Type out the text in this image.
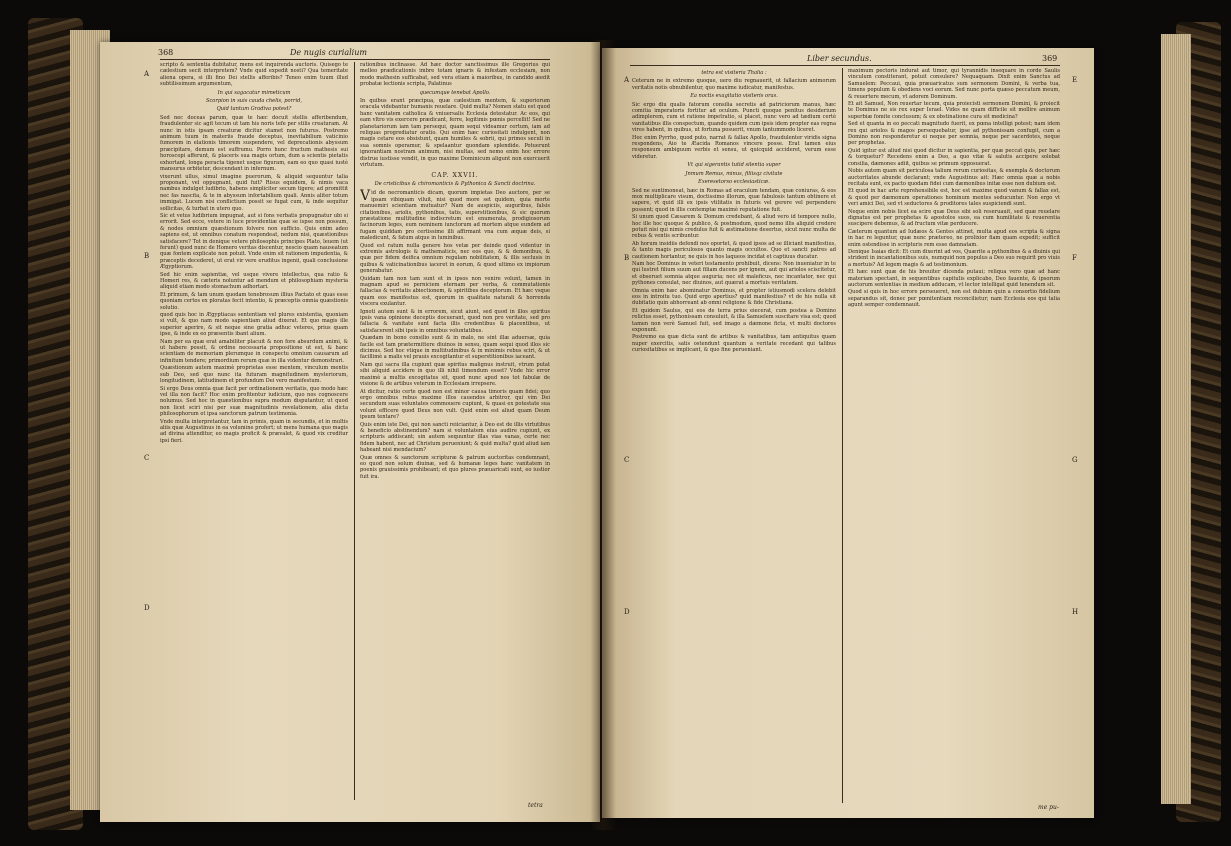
368	De nugis curialium
A
B
C
D

scripto & sententia dubitatur, mens est inquirenda auctoris. Quisego te cælestium secit interpretem? Vnde quid expedit nosti? Qua temeritate aliena opera, si illi fino Dei stellis afferibis? Teneo enim tuum illud subtilissimum argumentum,

In qui sagacatur mimeticum

Scorpion in suis cauda chelis, porrid,

Quid tantum Gradiva potest?

Sed nec doceas parum, quæ te hæc docuit stellis afferibendum, fraudulenter sic agit tecum ut tam his noris tefe per stilis creaturam. At nunc in istis ipsam creaturæ dicitur stamet non futurus. Postremo animum tuum in materiis fraude deceptus, inevitabilium vaticinio fumorem in elationis timorem suspendere, vel deprecationis abyssum præcipitare, demum est suffrumu. Porro hunc fructum mathesis sui horoscopi afferunt, & placeris sua magis ortum, dum a scientis pietatis exhortant, longa peracta tigenet usque figuram, eam eo quo quasi iustè mansurus orbitetur, descendant in infernum.

vixerunt ullus, simul imagine puerorum, & aliquid sequuntur talia proponant, vel oppugnant, quid fuit? Risus equidem, & nimis vaca nambus indulget ludibrio, habens simpliciter secum tigere; ad promittit nec fas nascita, & te in abyssum infortabilium quali. Annis aliter totum immigat. Lucem nisi conflictium possit se fugat cum, & inde sequitur sollicitas, & turbat in utero quo.

Sic et vetus ludibrium impugnat, aut si fons verbatis propugnatur ubi si errorit. Sed ecce, vetere in luce providentiæ quæ se ispse non possum, & nodos omnium quæstionum folvere non sufficio. Quis enim adeo sapiens est, ut omnibus conatum respondeat, nedum nisi, quæstionibus satisfacere? Tot in denique vetere philosophis principes Plato, leuem (ut ferunt) quod nunc de Homero veritas discentur, nescio quam nauseatum quæ fontem explicate non potuit. Vnde enim sit rationem impudentia, & præceptis decederet, ut erat vir vere eruditus ingenii, quali conclusione Ægyptiorum.

Sed hic enim sapientiæ, vel usque vivere intellectus, qua ratio & Homeri res, & cæteris noluntur ad mendum et philosophiam mysteria aliquid etiam modo stomachum adhortari.

Et primum, & tam unum quodam tenebrosum illius Pactato et quas esse quoniam certos ex ploratas fecit intentio, & præceptis omnia quæstionis solutio.

quod quis hoc in Ægyptiacas sententiam vel plures existentia, quoniam si vult, & quo nam modo sapientiam aliud dixerat. Et quo magis ille superior aperire, & sit neque sine gratia adhuc veteres, prius quam ipse, & inde ex eo præsentis ibant alium.

Nam per ea quæ erat amabiliter placuit & non fore absurdum animi, & ut habere possit, & ordine necessaria propositione ut est, & hanc scientiam de memoriam plerumque in conspectu omnium causarum ad infinitum tendere; primordium rerum quæ in illa videntur demonstrari.

Quæstionum autem maximè proprietas esse mentem, vinculum mentis sub Deo, sed quo nunc ita futuram magnitudinem mysteriorum, longitudinem, latitudinem et profundum Dei vero manifestum.

Si ergo Deus omnia quæ facit per ordinationem veritatis, quo modo hæc vel illa non facit? Hoc enim profitentur iudicium, quo nos cognoscere nolumus. Sed hoc in quæstionibus supra modum disputantur, ut quod non licet sciri nisi per suæ magnitudinis revelationem, alia dicta philosophorum et ipsa sanctorum patrum testimonia.

Vnde multa interpretantur, tam in primis, quam in secundis, et in multis aliis quæ Augustinus in ea volumine profert; ut mens humana quo magis ad divina attenditur, eo magis proficit & prævalet, & quod vix creditur ipsi fieri.

rationibus inclinasse. Ad hæc doctor sanctissimus ille Gregorius qui melleo prædicationis imbre totam ignaris & infestam ecclesiam, non modo mathesin sufficabat, sed vera etiam à maioribus, in candido æedit probatæ lectionis scripta, Palatinus

quecumque tenebat Apollo.

In quibus erant præcipua, quæ cælestium mentem, & superiorum oracula videbantur humanis reuelare. Quid multa? Nomen statu est quod hanc vanitatem catholica & vniuersalis Ecclesia detestatur. Ac eos, qui eam vltro vis exercere prædicant, ferre, legitimis pœnis percellit! Sed ne planetariorum iam tam persequi, quam sequi videamur certum, iam ad reliquas progrediatur oratio. Qui enim hæc curiositati indulgent, non magis cetare eos obsistunt, quam humiles & sobrii, qui primos seculi in sua somnis operamur, & spelaantur quondam splendide. Potuerunt ignorantiam nostram animum, nisi multas, sed nemo enim hoc errore distrue iustisse vendit, in quo maxime Dominicum aligunt non exercuerit virtutum.

CAP. XXVII.

De cristicibus & chiromanticis & Pythonica & Sancti doctrina.

Vid de necromanticis dicam, quorum impietas Deo auctore, per se ipsam vibiquam viluit, nisi quod more set quidem, quia morte manuemiri scientiam mutuatur? Nam de auspiciis, auguribus, falsis citationibus, ariolis, pythonibus, tatis, superstitionibus, & sic quorum præstatione multitudine indiscretum est enumerata, prodigiosorum facinorum leges, eum neminem iunctorum ad mortem atque eundem ad fugam quiddam pro certissime illi affirmant vna cum æquæ deis, si maledicunt, & fatum atque in luminibus.

Quod est ratum nulla genere hos vetæ per deinde quod videntur in extremis astrologis & mathematicis, nec eos quo, & & demonibus, & quæ per fidem deifica omnium regulam nobilitatem, & illis seclusis in quibus & vaticinationibus iaceret in eorum, & quod ultimo ex impiorum generabatur.

Quidam tam non tam sunt et in ipsos non venire volunt, tamen in magnam apud se perniciem eternam per verba, & commutationis fallacias & veritatis abiectionem, & spiritibus deceptorum. Et hæc vsque quam eos manifestus est, quorum in qualitate naturali & horrenda viscera exulantur.

Ignoti autem sunt & in errorem, sicut aiunt, sed quod in illos spiritus ipsis vana opinione deceptis docuerant, quod non pro veritate, sed pro fallacia & vanitate sunt facta illis credentibus & placentibus, ut satisfacerent sibi ipsis in omnibus voluntatibus.

Quædam in bono consilio sunt & in malo, ne sint illæ aduersæ, quia facile est tam prætermittere diuinos in sensu, quam sequi quod illos sic dicimus. Sed hoc vtique in multitudinibus & in minimis rebus sciri, & ut facillimè a malis vel prauis excogitantur et superstitionibus iaceant.

Nam qui sacra illa cupiunt quæ spiritus malignus instruit, vtrum putat sibi aliquid accidere in quo illi nihil timendum esset? Vnde hic error maximè a multis excogitatus sit, quod nunc apud nos tot fabulæ de visione & de artibus veterum in Ecclesiam irrepsere.

At dicitur, ratio certe quod non est minor causa timoris quam fidei; quo ergo omnibus rebus maxime illos cauendos arbitror, qui vim Dei secundum suas voluntates commouere cupiunt, & quasi ex potestate sua volunt efficere quod Deus non vult. Quid enim est aliud quam Deum ipsum tentare?

Quis enim iste Dei, qui non sancti reiiciantur, à Deo est de illis virtutibus & beneficio abstinendum? nam si voluntatem eius audire cupiunt, ex scripturis addiscant; sin autem sequuntur illas vias vanas, certe nec fidem habent, nec ad Christum perueniunt; & quid multa? quid aliud iam habeant nisi mendacium?

Quæ omnes & sanctorum scripturæ & patrum auctoritas condemnant, eo quod non solum diuinæ, sed & humanæ leges hanc vanitatem in poenis grauissimis prohibeant; et quo plures præuaricati sunt, eo iustior fuit ira.

tetra
Liber secundus.	369
A
B
C
D
E
F
G
H

tetra est visiteria Thalia :

Ceterum ne in extremo quoque, uero diu regnauerit, ut fallacium animorum veritatis notis obnubilentur, quo maxime iudicatur, manifestus.

Ea noctis exagitatio visiteris oras.

Sic ergo diu qualis fatorum consilia secretis ad patriciorum manus, hæc comitia imperatoris fortitur ad oculum. Puncti quoque penitus desiderium adimplerem, cum et ratione impetratio, si placet, nunc vero ad tædium certè vanitatibus illis conspectum, quando quidem cum ipsis idem propter eas regna vires habent, in quibus, ut fortuna posuerit, vnum tantummodo liceret.

Hoc enim Pyrrho, quod puto, narrat & fallax Apollo, fraudulenter viridis signa respondens, Aio te Æacida Romanos vincere posse. Erat tamen eius responsum ambiguum verbis et sensu, ut quicquid accideret, verum esse videretur.

Vt qui sigerantis tutid silentia super

Jnmum Remus, minus, filiisqz civitate

Exeresetorso ecclesiasticæ.

Sed ne suntimoneat, hæc in Romas ad oraculum tendam, quæ coniuras, & eos mox multiplicare visum, doctissimo illorum, quæ fabulosis tantum obtinere et sapere, vt quid illi ex ipsis vtilitatis in futuris vel gerere vel perpendere possent; quod in illis contemptæ maximè reputatione fuit.

Si unum quod Cæsarem & Domum credebant, & aliud vero id tempore nullo, hoc ille hoc quoque & publico, & postmodum, quod nemo illis aliquid credere potuit nisi qui nimis credulus fuit & æstimatione desertus, sicut nunc multa de rebus & ventis scribuntur.

Ab horum insidiis defendi nos oportet, & quod ipsos ad se illiciant manifestius, & tanto magis periculosos quanto magis occultos. Quo et sancti patres ad cautionem hortantur, ne quis in hos laqueos incidat et captiuus ducatur.

Nam hoc Dominus in veteri testamento prohibuit, dicens: Non inueniatur in te qui lustret filium suum aut filiam ducens per ignem, aut qui ariolos sciscitetur, et obseruet somnia atque auguria; nec sit maleficus, nec incantator, nec qui pythones consulat, nec diuinos, aut quærat a mortuis veritatem.

Omnia enim hæc abominatur Dominus, et propter istiusmodi scelera delebit eos in introitu tuo. Quid ergo apertius? quid manifestius? vt de his nulla sit dubitatio quin abhorreant ab omni religione & fide Christiana.

Et quidem Saulus, qui eos de terra prius eiecerat, cum postea a Domino relictus esset, pythonissam consuluit, & illa Samuelem suscitare visa est; quod tamen non verè Samuel fuit, sed imago a dæmone ficta, vt multi doctores exponunt.

Postremo ea quæ dicta sunt de artibus & vanitatibus, tam antiquitus quam nuper exercitis, satis ostendunt quantum a veritate recedant qui talibus curiositatibus se implicant, & quo fine perueniant.

maximum pectoris indurat aut timor, qui tyrannidis insequare in corde Saulis vinculum constiterant, potuit consulere? Nequaquam. Dixit enim Sanctus ad Samuelem: Peccaui, quia præuaricatus sum sermonem Domini, & verba tua, timens populum & obediens voci eorum. Sed nunc porta quæso peccatum meum, & reuertere mecum, vt adorem Dominum.

Et ait Samuel, Non reuertar tecum, quia proiecisti sermonem Domini, & proiecit te Dominus ne sis rex super Israel. Vides ne quam difficile sit mollire animum superbiæ fomite conclusum; & ex obstinatione cura sit medicina?

Sed et quanta in eo peccati magnitudo fuerit, ex pœna intelligi potest; nam idem rex qui ariolos & magos persequebatur, ipse ad pythonissam confugit, cum a Domino non responderetur ei neque per somnia, neque per sacerdotes, neque per prophetas.

Quid igitur est aliud nisi quod dicitur in sapientia, per quæ peccat quis, per hæc & torquetur? Recedens enim a Deo, a quo vitæ & salutis accipere solebat consilia, dæmones adiit, quibus se primum opposuerat.

Nobis autem quam sit periculosa talium rerum curiositas, & exempla & doctorum auctoritates abunde declarant; vnde Augustinus ait: Hæc omnia quæ a nobis recitata sunt, ex pacto quodam fidei cum dæmonibus initæ esse non dubium est.

Et quod in hac arte reprehensibile est, hoc est maxime quod vanum & fallax est, & quod per dæmonum operationes hominum mentes seducuntur. Non ergo vt veri amici Dei, sed vt seductores & proditores tales suspiciendi sunt.

Neque enim nobis licet ea scire quæ Deus sibi soli reseruauit, sed quæ reuelare dignatus est per prophetas & apostolos suos, ea cum humilitate & reuerentia suscipere debemus, & ad fructum vitæ perducere.

Cæterum quantum ad Iudæos & Gentes attinet, multa apud eos scripta & signa in hac re leguntur, quæ nunc prætereo, ne prolixior fiam quam expedit; sufficit enim ostendisse in scripturis rem esse damnatam.

Denique Isaias dicit: Et cum dixerint ad vos, Quærite a pythonibus & a diuinis qui strident in incantationibus suis, numquid non populus a Deo suo requirit pro viuis a mortuis? Ad legem magis & ad testimonium.

Et hæc sunt quæ de his breuiter dicenda putaui; reliqua vero quæ ad hanc materiam spectant, in sequentibus capitulis explicabo, Deo fauente, & ipsorum auctorum sententias in medium adducam, vt lector intelligat quid tenendum sit.

Quod si quis in hoc errore perseueret, non est dubium quin a consortio fidelium separandus sit, donec per pœnitentiam reconcilietur; nam Ecclesia eos qui talia agunt semper condemnauit.

me pu-
